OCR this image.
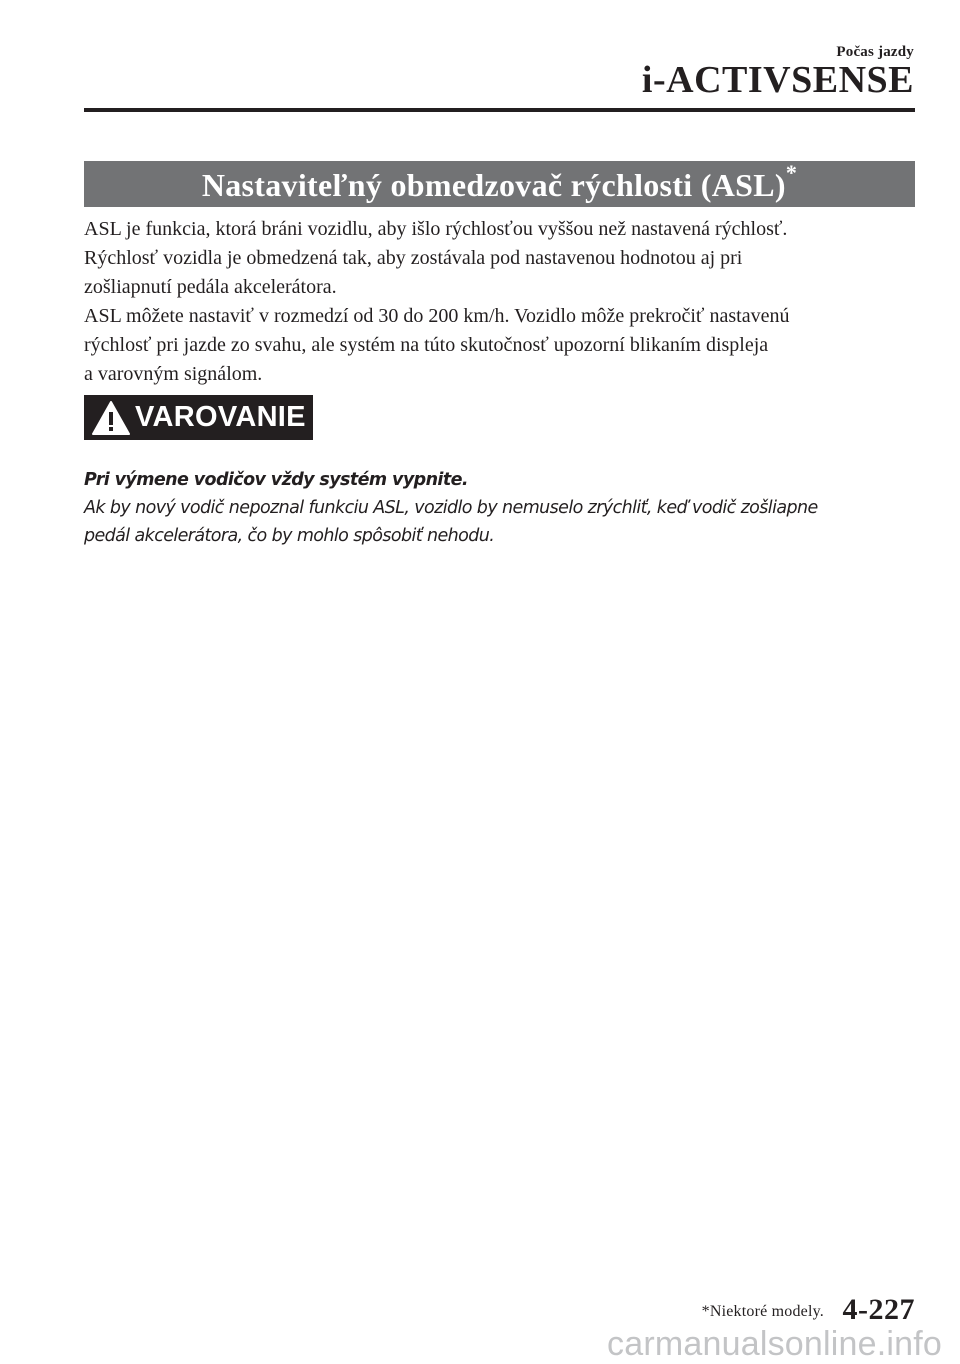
Počas jazdy
i-ACTIVSENSE
Nastaviteľný obmedzovač rýchlosti (ASL)*

ASL je funkcia, ktorá bráni vozidlu, aby išlo rýchlosťou vyššou než nastavená rýchlosť.

Rýchlosť vozidla je obmedzená tak, aby zostávala pod nastavenou hodnotou aj pri

zošliapnutí pedála akcelerátora.

ASL môžete nastaviť v rozmedzí od 30 do 200 km/h. Vozidlo môže prekročiť nastavenú

rýchlosť pri jazde zo svahu, ale systém na túto skutočnosť upozorní blikaním displeja

a varovným signálom.

VAROVANIE

Pri výmene vodičov vždy systém vypnite.

Ak by nový vodič nepoznal funkciu ASL, vozidlo by nemuselo zrýchliť, keď vodič zošliapne

pedál akcelerátora, čo by mohlo spôsobiť nehodu.

*Niektoré modely. 4-227
carmanualsonline.info
